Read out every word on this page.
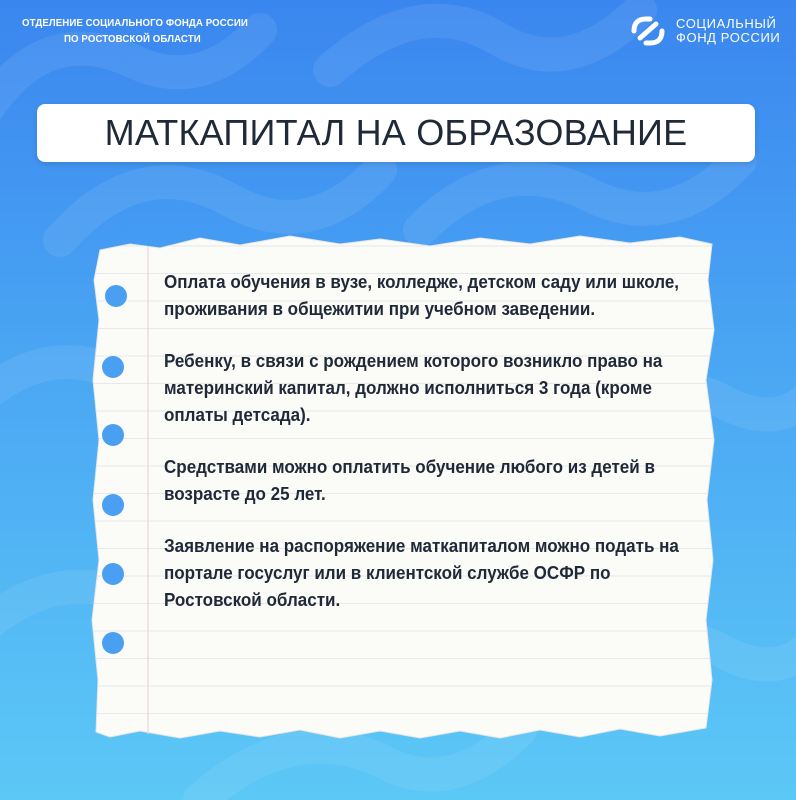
ОТДЕЛЕНИЕ СОЦИАЛЬНОГО ФОНДА РОССИИ
ПО РОСТОВСКОЙ ОБЛАСТИ
СОЦИАЛЬНЫЙ
ФОНД РОССИИ
МАТКАПИТАЛ НА ОБРАЗОВАНИЕ

Оплата обучения в вузе, колледже, детском саду или школе, проживания в общежитии при учебном заведении.

Ребенку, в связи с рождением которого возникло право на материнский капитал, должно исполниться 3 года (кроме оплаты детсада).

Средствами можно оплатить обучение любого из детей в возрасте до 25 лет.

Заявление на распоряжение маткапиталом можно подать на портале госуслуг или в клиентской службе ОСФР по Ростовской области.
